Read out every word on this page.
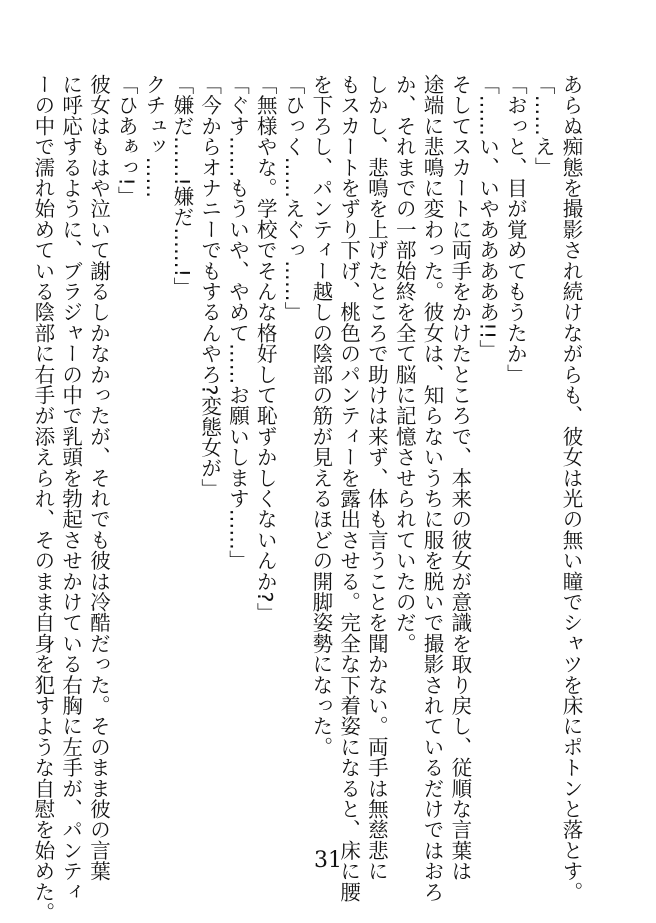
あらぬ痴態を撮影され続けながらも、彼女は光の無い瞳でシャツを床にポトンと落とす。
「……え」
「おっと、目が覚めてもうたか」
「……い、いやあああああ!!」
そしてスカートに両手をかけたところで、本来の彼女が意識を取り戻し、従順な言葉は
途端に悲鳴に変わった。彼女は、知らないうちに服を脱いで撮影されているだけではおろ
か、それまでの一部始終を全て脳に記憶させられていたのだ。
しかし、悲鳴を上げたところで助けは来ず、体も言うことを聞かない。両手は無慈悲に
もスカートをずり下げ、桃色のパンティーを露出させる。完全な下着姿になると、床に腰
を下ろし、パンティー越しの陰部の筋が見えるほどの開脚姿勢になった。
「ひっく……えぐっ……」
「無様やな。学校でそんな格好して恥ずかしくないんか?」
「ぐす……もういや、やめて……お願いします……」
「今からオナニーでもするんやろ?変態女が」
「嫌だ……!嫌だ……!」
クチュッ……
「ひあぁっ!」
彼女はもはや泣いて謝るしかなかったが、それでも彼は冷酷だった。そのまま彼の言葉
に呼応するように、ブラジャーの中で乳頭を勃起させかけている右胸に左手が、パンティ
ーの中で濡れ始めている陰部に右手が添えられ、そのまま自身を犯すような自慰を始めた。	31
